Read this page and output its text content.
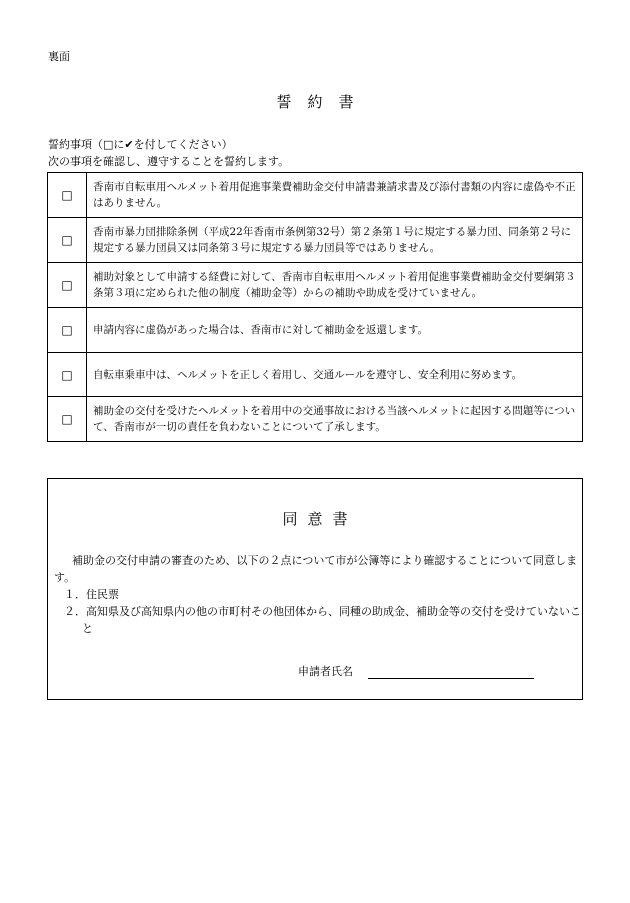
裏面
誓約書
誓約事項（□に✔を付してください）
次の事項を確認し、遵守することを誓約します。
□	香南市自転車用ヘルメット着用促進事業費補助金交付申請書兼請求書及び添付書類の内容に虚偽や不正はありません。
□	香南市暴力団排除条例（平成22年香南市条例第32号）第２条第１号に規定する暴力団、同条第２号に規定する暴力団員又は同条第３号に規定する暴力団員等ではありません。
□	補助対象として申請する経費に対して、香南市自転車用ヘルメット着用促進事業費補助金交付要綱第３条第３項に定められた他の制度（補助金等）からの補助や助成を受けていません。
□	申請内容に虚偽があった場合は、香南市に対して補助金を返還します。
□	自転車乗車中は、ヘルメットを正しく着用し、交通ルールを遵守し、安全利用に努めます。
□	補助金の交付を受けたヘルメットを着用中の交通事故における当該ヘルメットに起因する問題等について、香南市が一切の責任を負わないことについて了承します。
同意書
補助金の交付申請の審査のため、以下の２点について市が公簿等により確認することについて同意します。
１．住民票
２．高知県及び高知県内の他の市町村その他団体から、同種の助成金、補助金等の交付を受けていないこと
申請者氏名
